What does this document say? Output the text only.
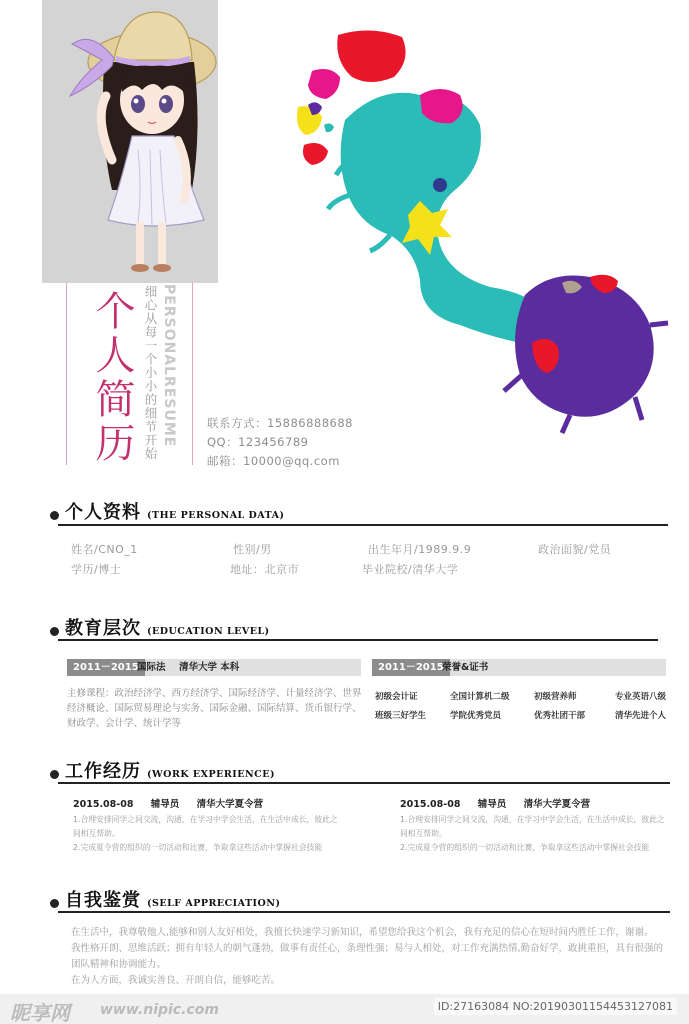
个人简历 细心从每一个小小的细节开始 PERSONALRESUME	联系方式：15886888688
QQ：123456789
邮箱：10000@qq.com
个人资料 (THE PERSONAL DATA)
姓名/CNO_1	性别/男	出生年月/1989.9.9	政治面貌/党员
学历/博士	地址：北京市	毕业院校/清华大学
教育层次 (EDUCATION LEVEL)
2011－2015
国际法 清华大学 本科
主修课程：政治经济学、西方经济学、国际经济学、计量经济学、世界经济概论、国际贸易理论与实务、国际金融、国际结算、货币银行学、财政学、会计学、统计学等
2011－2015
荣誉&证书
初级会计证	全国计算机二级	初级营养师	专业英语八级
班级三好学生	学院优秀党员	优秀社团干部	清华先进个人
工作经历 (WORK EXPERIENCE)
2015.08-08 辅导员 清华大学夏令营
1.合理安排同学之间交流，沟通，在学习中学会生活，在生活中成长，彼此之间相互帮助。
2.完成夏令营的组织的一切活动和比赛，争取拿这些活动中掌握社会技能
2015.08-08 辅导员 清华大学夏令营
1.合理安排同学之间交流，沟通，在学习中学会生活，在生活中成长，彼此之间相互帮助。
2.完成夏令营的组织的一切活动和比赛，争取拿这些活动中掌握社会技能
自我鉴赏 (SELF APPRECIATION)
在生活中，我尊敬他人,能够和别人友好相处，我擅长快速学习新知识，希望您给我这个机会，我有充足的信心在短时间内胜任工作，谢谢。
我性格开朗、思维活跃；拥有年轻人的朝气蓬勃，做事有责任心，条理性强；易与人相处，对工作充满热情,勤奋好学，敢挑重担，具有很强的团队精神和协调能力。
在为人方面，我诚实善良、开朗自信，能够吃苦。
昵享网 www.nipic.com	ID:27163084 NO:20190301154453127081
